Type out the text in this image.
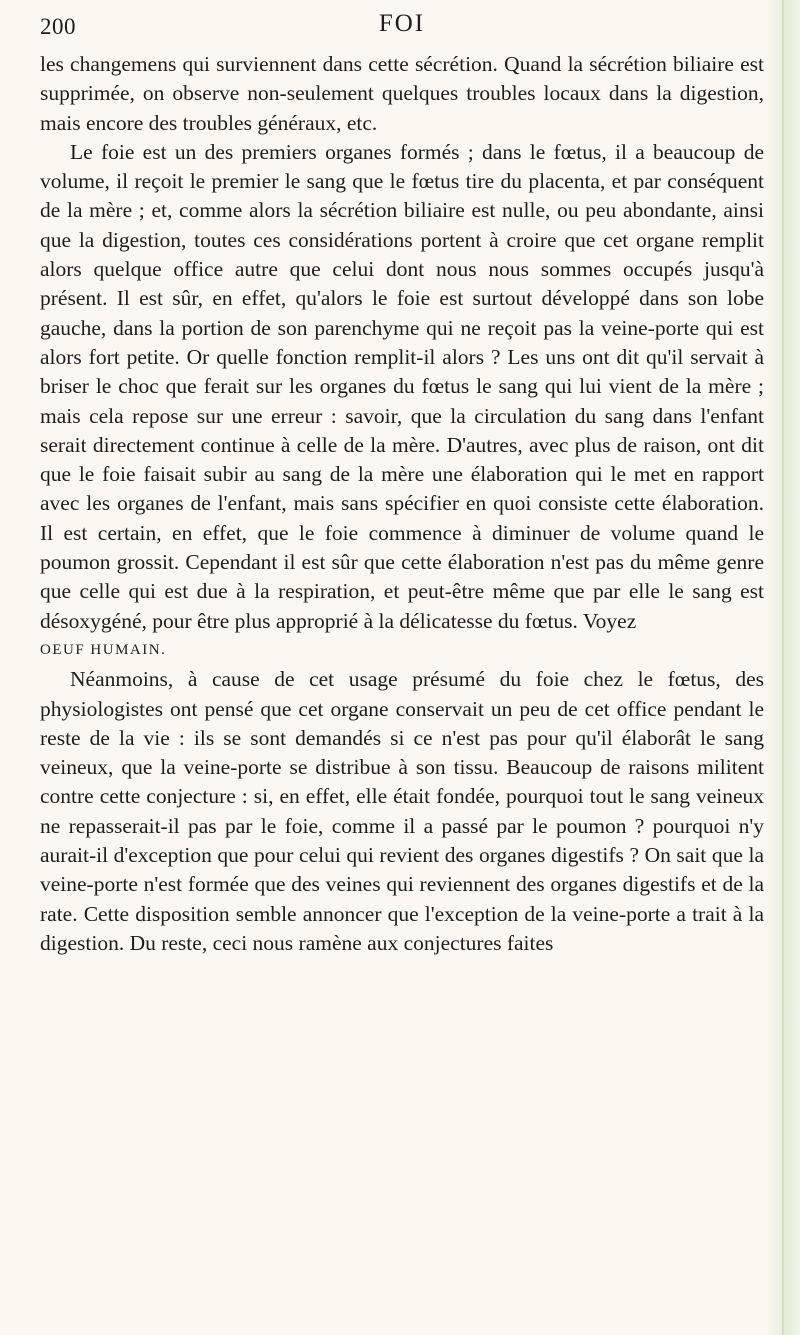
200	FOI

les changemens qui surviennent dans cette sécrétion. Quand la sécrétion biliaire est supprimée, on observe non-seulement quelques troubles locaux dans la digestion, mais encore des troubles généraux, etc.

Le foie est un des premiers organes formés ; dans le fœtus, il a beaucoup de volume, il reçoit le premier le sang que le fœtus tire du placenta, et par conséquent de la mère ; et, comme alors la sécrétion biliaire est nulle, ou peu abondante, ainsi que la digestion, toutes ces considérations portent à croire que cet organe remplit alors quelque office autre que celui dont nous nous sommes occupés jusqu'à présent. Il est sûr, en effet, qu'alors le foie est surtout développé dans son lobe gauche, dans la portion de son parenchyme qui ne reçoit pas la veine-porte qui est alors fort petite. Or quelle fonction remplit-il alors ? Les uns ont dit qu'il servait à briser le choc que ferait sur les organes du fœtus le sang qui lui vient de la mère ; mais cela repose sur une erreur : savoir, que la circulation du sang dans l'enfant serait directement continue à celle de la mère. D'autres, avec plus de raison, ont dit que le foie faisait subir au sang de la mère une élaboration qui le met en rapport avec les organes de l'enfant, mais sans spécifier en quoi consiste cette élaboration. Il est certain, en effet, que le foie commence à diminuer de volume quand le poumon grossit. Cependant il est sûr que cette élaboration n'est pas du même genre que celle qui est due à la respiration, et peut-être même que par elle le sang est désoxygéné, pour être plus approprié à la délicatesse du fœtus. Voyez

OEUF HUMAIN.

Néanmoins, à cause de cet usage présumé du foie chez le fœtus, des physiologistes ont pensé que cet organe conservait un peu de cet office pendant le reste de la vie : ils se sont demandés si ce n'est pas pour qu'il élaborât le sang veineux, que la veine-porte se distribue à son tissu. Beaucoup de raisons militent contre cette conjecture : si, en effet, elle était fondée, pourquoi tout le sang veineux ne repasserait-il pas par le foie, comme il a passé par le poumon ? pourquoi n'y aurait-il d'exception que pour celui qui revient des organes digestifs ? On sait que la veine-porte n'est formée que des veines qui reviennent des organes digestifs et de la rate. Cette disposition semble annoncer que l'exception de la veine-porte a trait à la digestion. Du reste, ceci nous ramène aux conjectures faites
